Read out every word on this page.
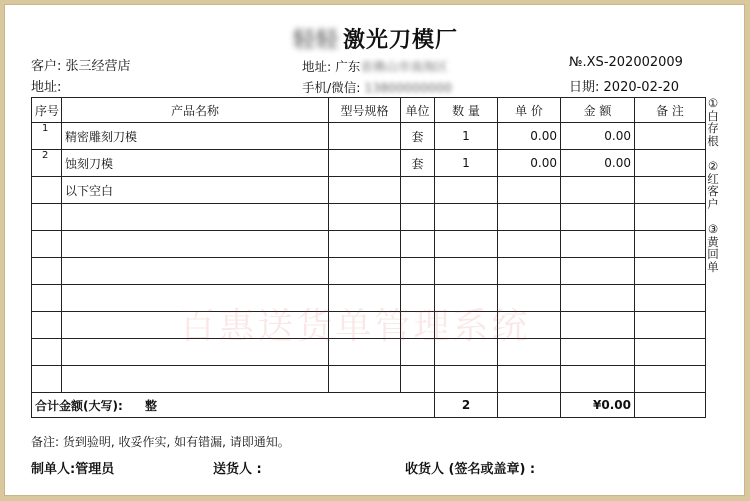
轻轻 激光刀模厂
客户: 张三经营店	地址: 广东省佛山市南海区	№.XS-202002009
地址:	手机/微信: 13800000000	日期: 2020-02-20
序号	产品名称	型号规格	单位	数 量	单 价	金 额	备 注
1	精密雕刻刀模		套	1	0.00	0.00	
2	蚀刻刀模		套	1	0.00	0.00	
	以下空白						

合计金额(大写): 整				2		¥0.00	
百惠送货单管理系统
①
白存根
②
红客户
③
黄回单
备注: 货到验明, 收妥作实, 如有错漏, 请即通知。
制单人:管理员	送货人 :	收货人 (签名或盖章) :
